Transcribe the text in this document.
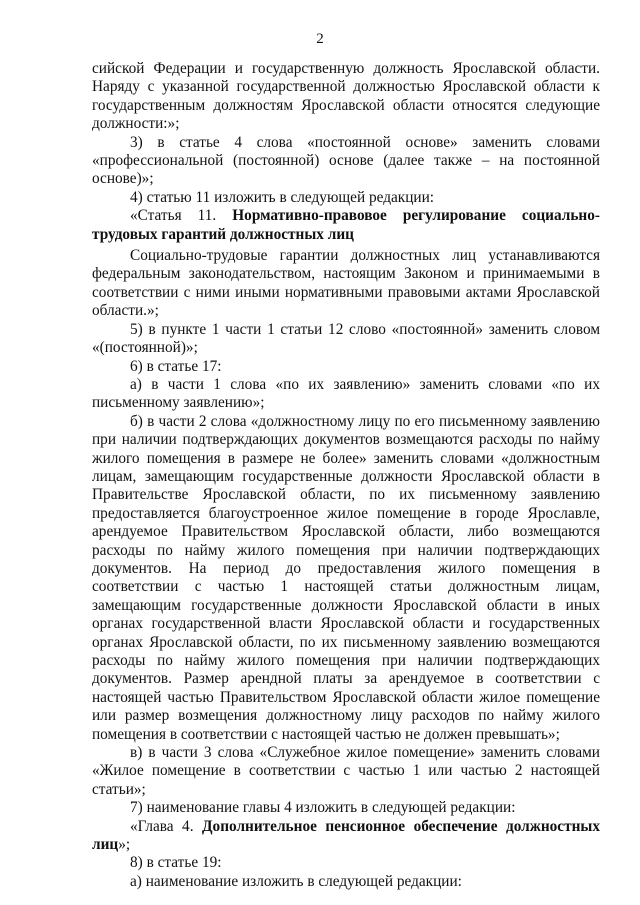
2

сийской Федерации и государственную должность Ярославской области. Наряду с указанной государственной должностью Ярославской области к государственным должностям Ярославской области относятся следующие должности:»;

3) в статье 4 слова «постоянной основе» заменить словами «профессиональной (постоянной) основе (далее также – на постоянной основе)»;

4) статью 11 изложить в следующей редакции:

«Статья 11. Нормативно-правовое регулирование социально-трудовых гарантий должностных лиц

Социально-трудовые гарантии должностных лиц устанавливаются федеральным законодательством, настоящим Законом и принимаемыми в соответствии с ними иными нормативными правовыми актами Ярославской области.»;

5) в пункте 1 части 1 статьи 12 слово «постоянной» заменить словом «(постоянной)»;

6) в статье 17:

а) в части 1 слова «по их заявлению» заменить словами «по их письменному заявлению»;

б) в части 2 слова «должностному лицу по его письменному заявлению при наличии подтверждающих документов возмещаются расходы по найму жилого помещения в размере не более» заменить словами «должностным лицам, замещающим государственные должности Ярославской области в Правительстве Ярославской области, по их письменному заявлению предоставляется благоустроенное жилое помещение в городе Ярославле, арендуемое Правительством Ярославской области, либо возмещаются расходы по найму жилого помещения при наличии подтверждающих документов. На период до предоставления жилого помещения в соответствии с частью 1 настоящей статьи должностным лицам, замещающим государственные должности Ярославской области в иных органах государственной власти Ярославской области и государственных органах Ярославской области, по их письменному заявлению возмещаются расходы по найму жилого помещения при наличии подтверждающих документов. Размер арендной платы за арендуемое в соответствии с настоящей частью Правительством Ярославской области жилое помещение или размер возмещения должностному лицу расходов по найму жилого помещения в соответствии с настоящей частью не должен превышать»;

в) в части 3 слова «Служебное жилое помещение» заменить словами «Жилое помещение в соответствии с частью 1 или частью 2 настоящей статьи»;

7) наименование главы 4 изложить в следующей редакции:

«Глава 4. Дополнительное пенсионное обеспечение должностных лиц»;

8) в статье 19:

а) наименование изложить в следующей редакции:
